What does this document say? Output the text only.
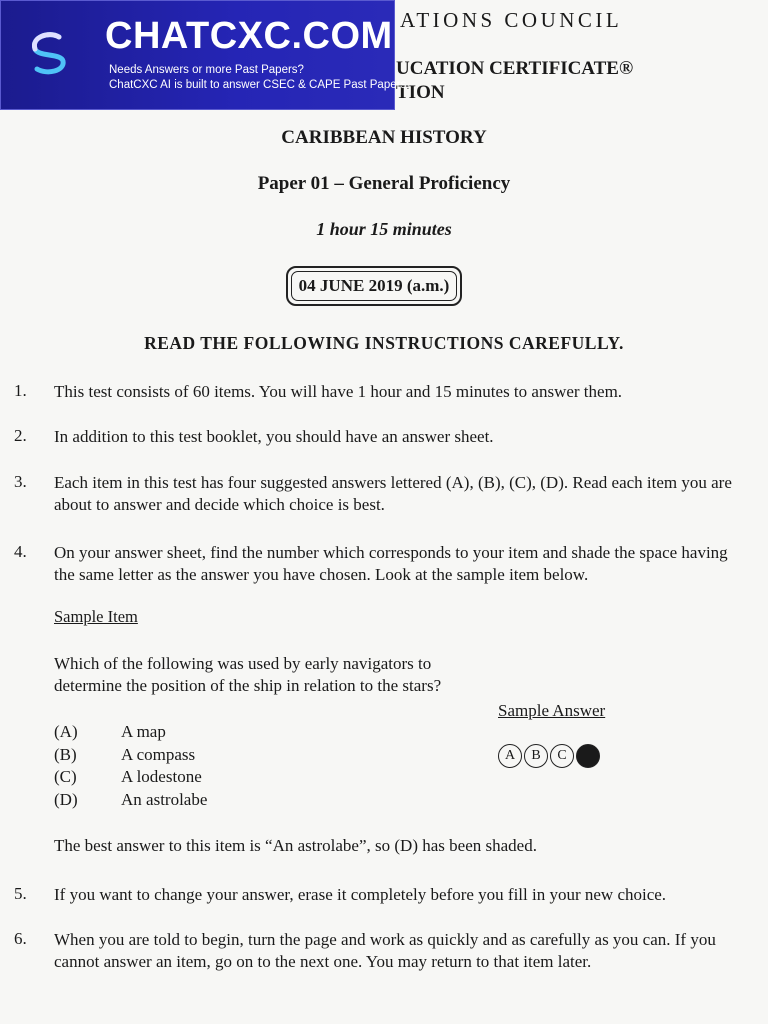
ATIONS COUNCIL
UCATION CERTIFICATE®
TION
CARIBBEAN HISTORY
Paper 01 – General Proficiency
1 hour 15 minutes
04 JUNE 2019 (a.m.)
READ THE FOLLOWING INSTRUCTIONS CAREFULLY.
1. This test consists of 60 items. You will have 1 hour and 15 minutes to answer them.
2. In addition to this test booklet, you should have an answer sheet.
3. Each item in this test has four suggested answers lettered (A), (B), (C), (D). Read each item you are about to answer and decide which choice is best.
4. On your answer sheet, find the number which corresponds to your item and shade the space having the same letter as the answer you have chosen. Look at the sample item below.
Sample Item
Which of the following was used by early navigators to determine the position of the ship in relation to the stars?
(A)	A map
(B)	A compass
(C)	A lodestone
(D)	An astrolabe
Sample Answer
A	B	C
The best answer to this item is “An astrolabe”, so (D) has been shaded.
5. If you want to change your answer, erase it completely before you fill in your new choice.
6. When you are told to begin, turn the page and work as quickly and as carefully as you can. If you cannot answer an item, go on to the next one. You may return to that item later.
CHATCXC.COM
Needs Answers or more Past Papers?
ChatCXC AI is built to answer CSEC & CAPE Past Papers.
